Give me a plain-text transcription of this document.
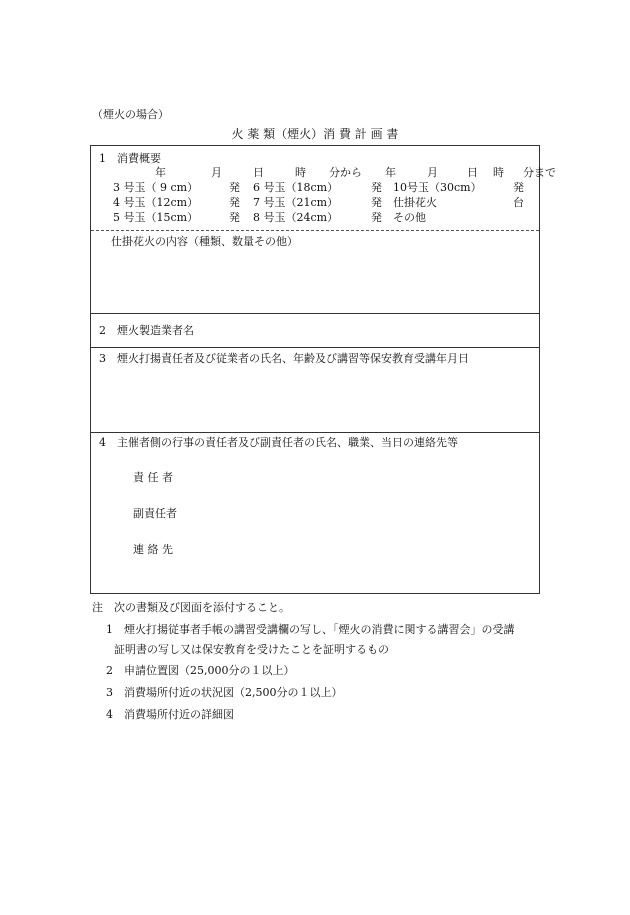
（煙火の場合）
火 薬 類（煙火）消 費 計 画 書
1　消費概要
年	月	日	時 分から 年	月	日 時 分まで
3 号玉（ 9 cm）	発 6 号玉（18cm）	発 10号玉（30cm）	発
4 号玉（12cm）	発 7 号玉（21cm）	発 仕掛花火	台
5 号玉（15cm）	発 8 号玉（24cm）	発 その他
仕掛花火の内容（種類、数量その他）
2　煙火製造業者名
3　煙火打揚責任者及び従業者の氏名、年齢及び講習等保安教育受講年月日
4　主催者側の行事の責任者及び副責任者の氏名、職業、当日の連絡先等
責 任 者
副責任者
連 絡 先
注　次の書類及び図面を添付すること。
1　煙火打揚従事者手帳の講習受講欄の写し、「煙火の消費に関する講習会」の受講
証明書の写し又は保安教育を受けたことを証明するもの
2　申請位置図（25,000分の１以上）
3　消費場所付近の状況図（2,500分の１以上）
4　消費場所付近の詳細図
